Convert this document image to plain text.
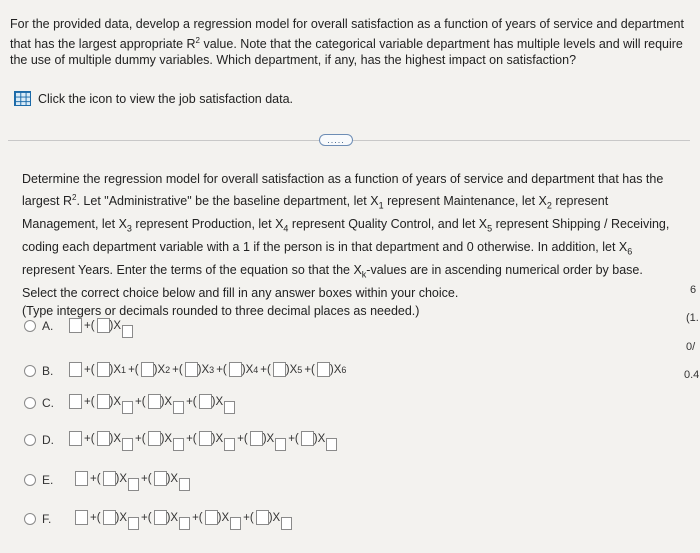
For the provided data, develop a regression model for overall satisfaction as a function of years of service and department that has the largest appropriate $R^2$ value. Note that the categorical variable department has multiple levels and will require the use of multiple dummy variables. Which department, if any, has the highest impact on satisfaction?
Click the icon to view the job satisfaction data.
.....
Determine the regression model for overall satisfaction as a function of years of service and department that has the largest $R^2$. Let "Administrative" be the baseline department, let $X_1$ represent Maintenance, let $X_2$ represent Management, let $X_3$ represent Production, let $X_4$ represent Quality Control, and let $X_5$ represent Shipping / Receiving, coding each department variable with a 1 if the person is in that department and 0 otherwise. In addition, let $X_6$ represent Years. Enter the terms of the equation so that the $X_k$-values are in ascending numerical order by base. Select the correct choice below and fill in any answer boxes within your choice.
(Type integers or decimals rounded to three decimal places as needed.)
A.	+( )X
B.	+( )X 1 +( )X 2 +( )X 3 +( )X 4 +( )X 5 +( )X 6
C.	+( )X +( )X +( )X
D.	+( )X +( )X +( )X +( )X +( )X
E.	+( )X +( )X
F.	+( )X +( )X +( )X +( )X
6
(1.
0/
0.4
